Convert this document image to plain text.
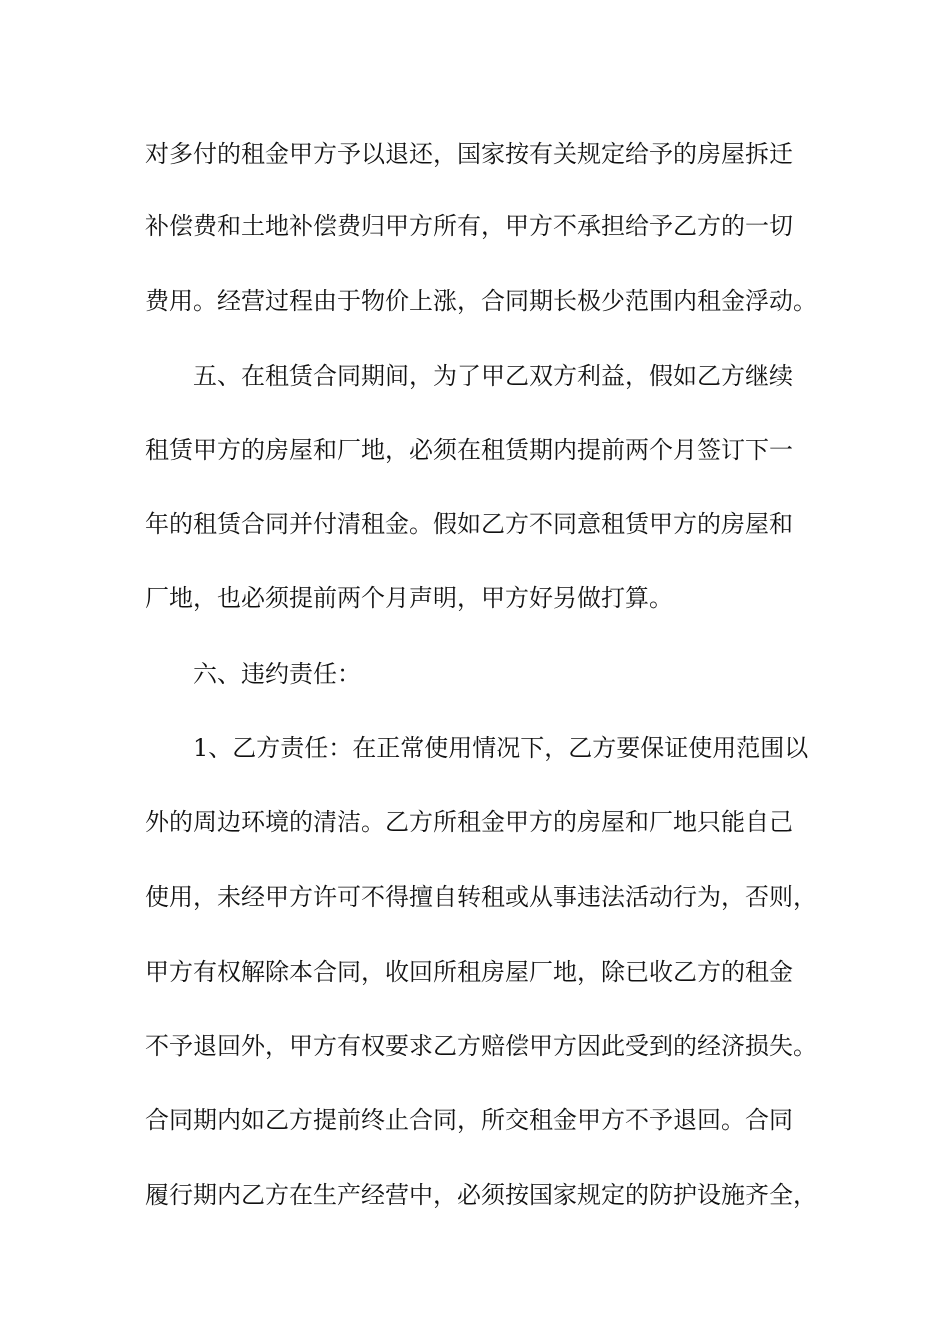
对多付的租金甲方予以退还，国家按有关规定给予的房屋拆迁

补偿费和土地补偿费归甲方所有，甲方不承担给予乙方的一切

费用。经营过程由于物价上涨，合同期长极少范围内租金浮动。

五、在租赁合同期间，为了甲乙双方利益，假如乙方继续

租赁甲方的房屋和厂地，必须在租赁期内提前两个月签订下一

年的租赁合同并付清租金。假如乙方不同意租赁甲方的房屋和

厂地，也必须提前两个月声明，甲方好另做打算。

六、违约责任：

1、乙方责任：在正常使用情况下，乙方要保证使用范围以

外的周边环境的清洁。乙方所租金甲方的房屋和厂地只能自己

使用，未经甲方许可不得擅自转租或从事违法活动行为，否则，

甲方有权解除本合同，收回所租房屋厂地，除已收乙方的租金

不予退回外，甲方有权要求乙方赔偿甲方因此受到的经济损失。

合同期内如乙方提前终止合同，所交租金甲方不予退回。合同

履行期内乙方在生产经营中，必须按国家规定的防护设施齐全，
